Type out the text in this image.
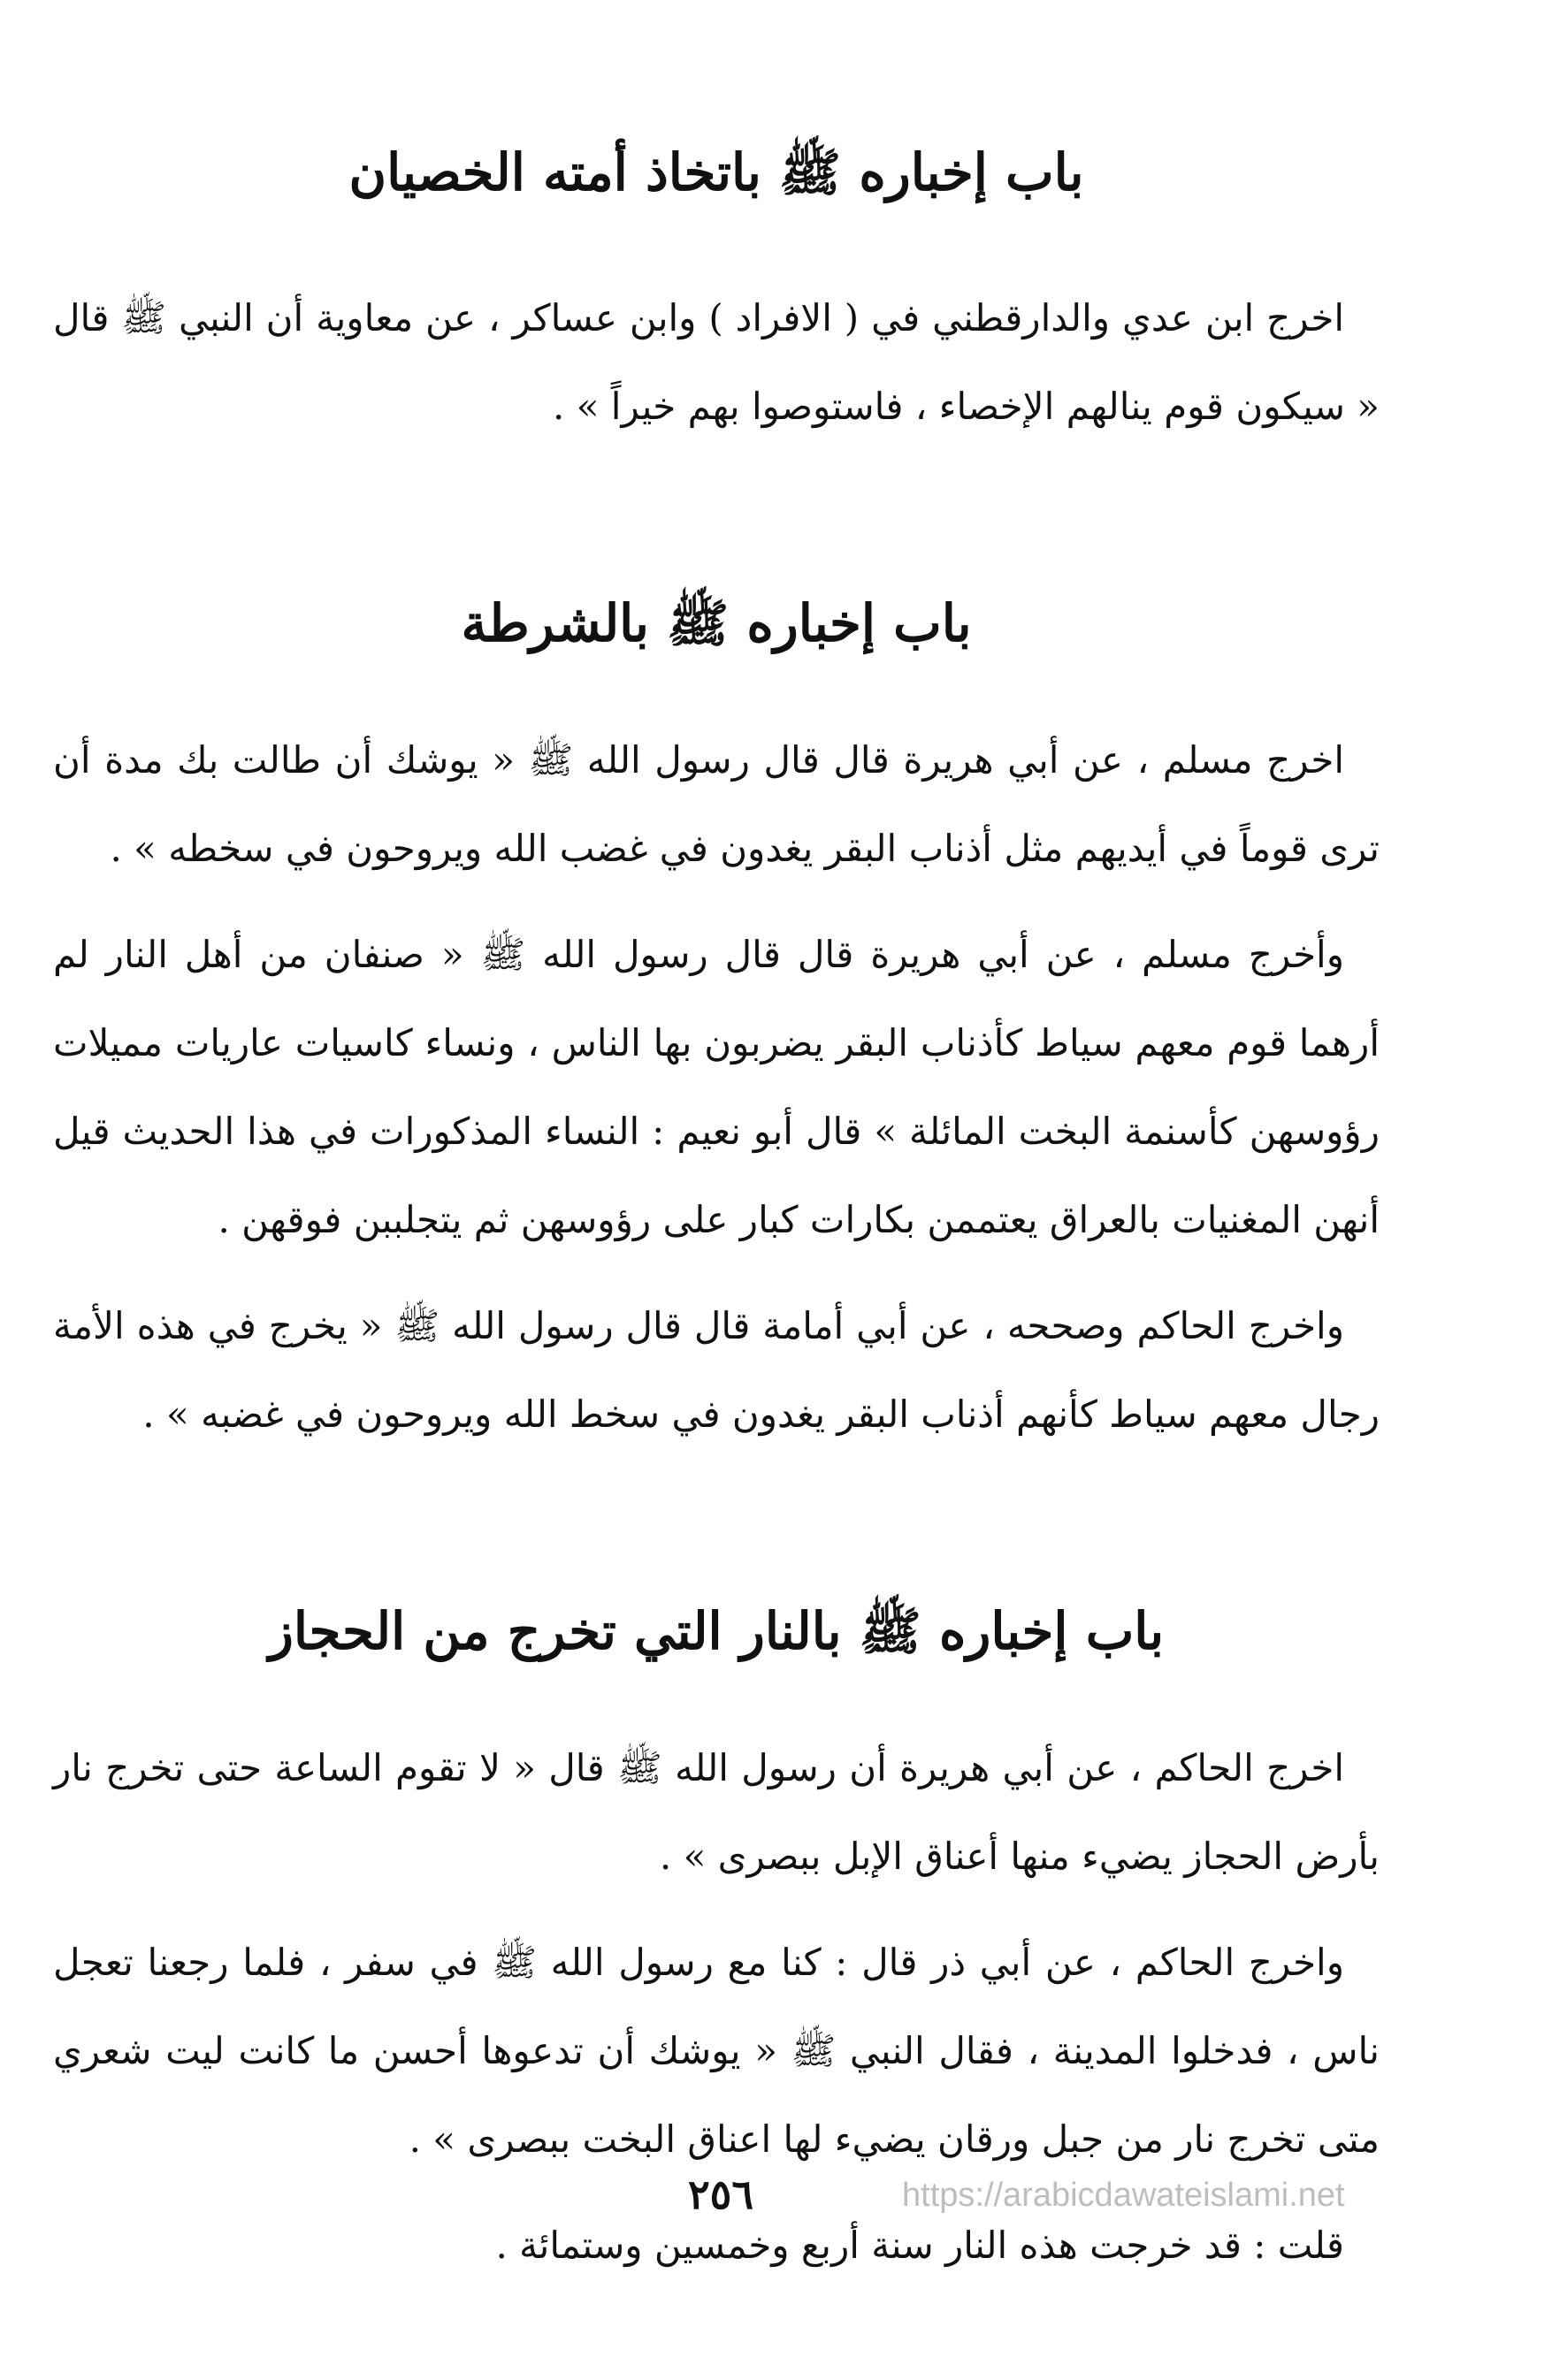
باب إخباره ﷺ باتخاذ أمته الخصيان

اخرج ابن عدي والدارقطني في ( الافراد ) وابن عساكر ، عن معاوية أن النبي ﷺ قال « سيكون قوم ينالهم الإخصاء ، فاستوصوا بهم خيراً » .

باب إخباره ﷺ بالشرطة

اخرج مسلم ، عن أبي هريرة قال قال رسول الله ﷺ « يوشك أن طالت بك مدة أن ترى قوماً في أيديهم مثل أذناب البقر يغدون في غضب الله ويروحون في سخطه » .

وأخرج مسلم ، عن أبي هريرة قال قال رسول الله ﷺ « صنفان من أهل النار لم أرهما قوم معهم سياط كأذناب البقر يضربون بها الناس ، ونساء كاسيات عاريات مميلات رؤوسهن كأسنمة البخت المائلة » قال أبو نعيم : النساء المذكورات في هذا الحديث قيل أنهن المغنيات بالعراق يعتممن بكارات كبار على رؤوسهن ثم يتجلببن فوقهن .

واخرج الحاكم وصححه ، عن أبي أمامة قال قال رسول الله ﷺ « يخرج في هذه الأمة رجال معهم سياط كأنهم أذناب البقر يغدون في سخط الله ويروحون في غضبه » .

باب إخباره ﷺ بالنار التي تخرج من الحجاز

اخرج الحاكم ، عن أبي هريرة أن رسول الله ﷺ قال « لا تقوم الساعة حتى تخرج نار بأرض الحجاز يضيء منها أعناق الإبل ببصرى » .

واخرج الحاكم ، عن أبي ذر قال : كنا مع رسول الله ﷺ في سفر ، فلما رجعنا تعجل ناس ، فدخلوا المدينة ، فقال النبي ﷺ « يوشك أن تدعوها أحسن ما كانت ليت شعري متى تخرج نار من جبل ورقان يضيء لها اعناق البخت ببصرى » .

قلت : قد خرجت هذه النار سنة أربع وخمسين وستمائة .

٢٥٦	https://arabicdawateislami.net
